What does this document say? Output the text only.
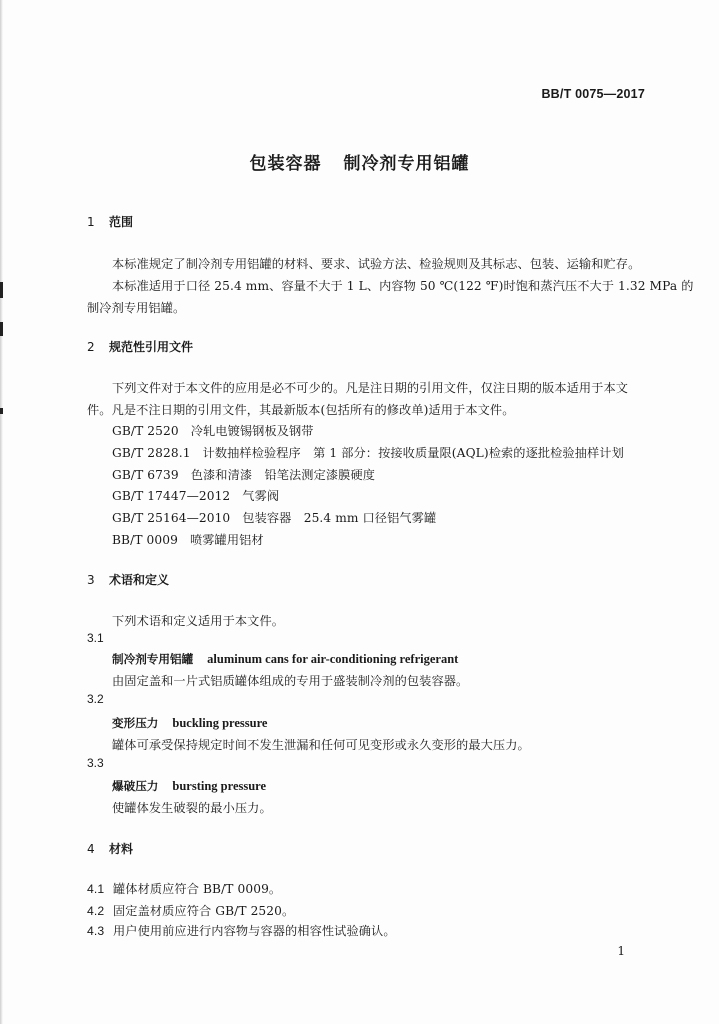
BB/T 0075—2017
包装容器 制冷剂专用铝罐
1 范围
本标准规定了制冷剂专用铝罐的材料、要求、试验方法、检验规则及其标志、包装、运输和贮存。
本标准适用于口径 25.4 mm、容量不大于 1 L、内容物 50 ℃(122 ℉)时饱和蒸汽压不大于 1.32 MPa 的
制冷剂专用铝罐。
2 规范性引用文件
下列文件对于本文件的应用是必不可少的。凡是注日期的引用文件，仅注日期的版本适用于本文
件。凡是不注日期的引用文件，其最新版本(包括所有的修改单)适用于本文件。
GB/T 2520 冷轧电镀锡钢板及钢带
GB/T 2828.1 计数抽样检验程序　第 1 部分：按接收质量限(AQL)检索的逐批检验抽样计划
GB/T 6739 色漆和清漆　铅笔法测定漆膜硬度
GB/T 17447—2012 气雾阀
GB/T 25164—2010 包装容器　25.4 mm 口径铝气雾罐
BB/T 0009 喷雾罐用铝材
3 术语和定义
下列术语和定义适用于本文件。
3.1
制冷剂专用铝罐 aluminum cans for air-conditioning refrigerant
由固定盖和一片式铝质罐体组成的专用于盛装制冷剂的包装容器。
3.2
变形压力 buckling pressure
罐体可承受保持规定时间不发生泄漏和任何可见变形或永久变形的最大压力。
3.3
爆破压力 bursting pressure
使罐体发生破裂的最小压力。
4 材料
4.1 罐体材质应符合 BB/T 0009。
4.2 固定盖材质应符合 GB/T 2520。
4.3 用户使用前应进行内容物与容器的相容性试验确认。
1
